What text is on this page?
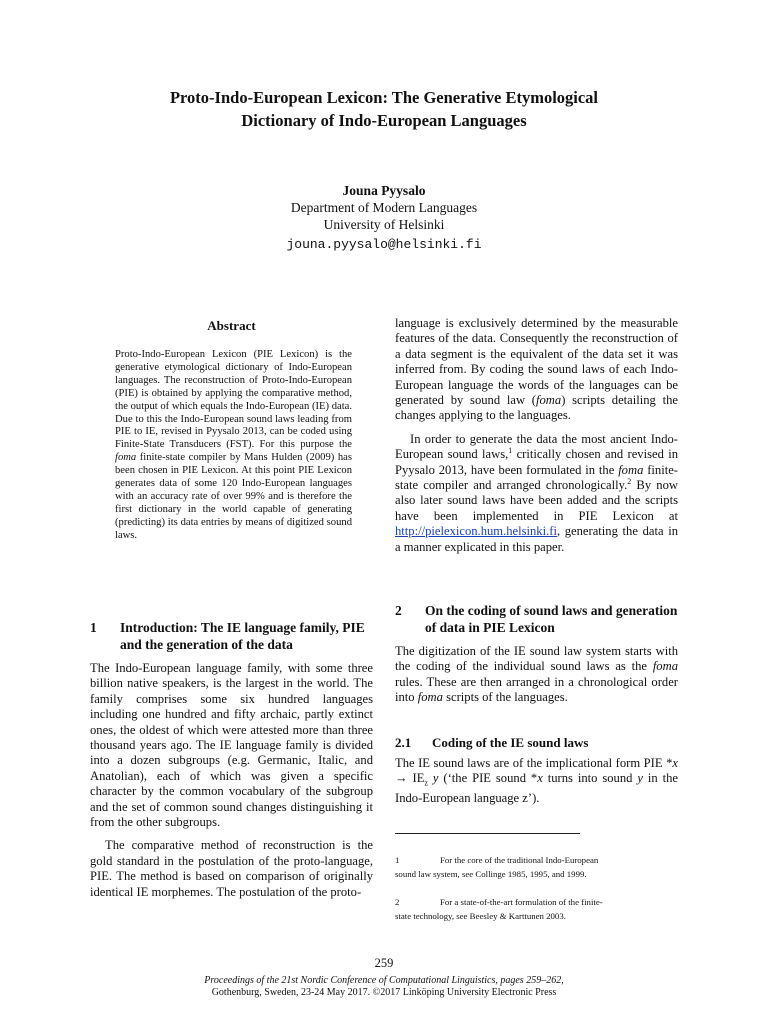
Proto-Indo-European Lexicon: The Generative Etymological
Dictionary of Indo-European Languages
Jouna Pyysalo
Department of Modern Languages
University of Helsinki
jouna.pyysalo@helsinki.fi
Abstract
Proto-Indo-European Lexicon (PIE Lexicon) is the generative etymological dictionary of Indo-European languages. The reconstruction of Proto-Indo-European (PIE) is obtained by applying the comparative method, the output of which equals the Indo-European (IE) data. Due to this the Indo-European sound laws leading from PIE to IE, revised in Pyysalo 2013, can be coded using Finite-State Transducers (FST). For this purpose the foma finite-state compiler by Mans Hulden (2009) has been chosen in PIE Lexicon. At this point PIE Lexicon generates data of some 120 Indo-European languages with an accuracy rate of over 99% and is therefore the first dictionary in the world capable of generating (predicting) its data entries by means of digitized sound laws.
1	Introduction: The IE language family, PIE and the generation of the data

The Indo-European language family, with some three billion native speakers, is the largest in the world. The family comprises some six hundred languages including one hundred and fifty archaic, partly extinct ones, the oldest of which were attested more than three thousand years ago. The IE language family is divided into a dozen subgroups (e.g. Germanic, Italic, and Anatolian), each of which was given a specific character by the common vocabulary of the subgroup and the set of common sound changes distinguishing it from the other subgroups.

The comparative method of reconstruction is the gold standard in the postulation of the proto-language, PIE. The method is based on comparison of originally identical IE morphemes. The postulation of the proto-

language is exclusively determined by the measurable features of the data. Consequently the reconstruction of a data segment is the equivalent of the data set it was inferred from. By coding the sound laws of each Indo-European language the words of the languages can be generated by sound law (foma) scripts detailing the changes applying to the languages.

In order to generate the data the most ancient Indo-European sound laws,$^1$ critically chosen and revised in Pyysalo 2013, have been formulated in the foma finite-state compiler and arranged chronologically.$^2$ By now also later sound laws have been added and the scripts have been implemented in PIE Lexicon at http://pielexicon.hum.helsinki.fi, generating the data in a manner explicated in this paper.

2	On the coding of sound laws and generation of data in PIE Lexicon

The digitization of the IE sound law system starts with the coding of the individual sound laws as the foma rules. These are then arranged in a chronological order into foma scripts of the languages.

2.1	Coding of the IE sound laws

The IE sound laws are of the implicational form PIE $*x \to IE_z$ y (‘the PIE sound *x turns into sound y in the Indo-European language z’).

1	For the core of the traditional Indo-European
sound law system, see Collinge 1985, 1995, and 1999.
2	For a state-of-the-art formulation of the finite-
state technology, see Beesley & Karttunen 2003.
259
Proceedings of the 21st Nordic Conference of Computational Linguistics, pages 259–262,
Gothenburg, Sweden, 23-24 May 2017. ©2017 Linköping University Electronic Press
